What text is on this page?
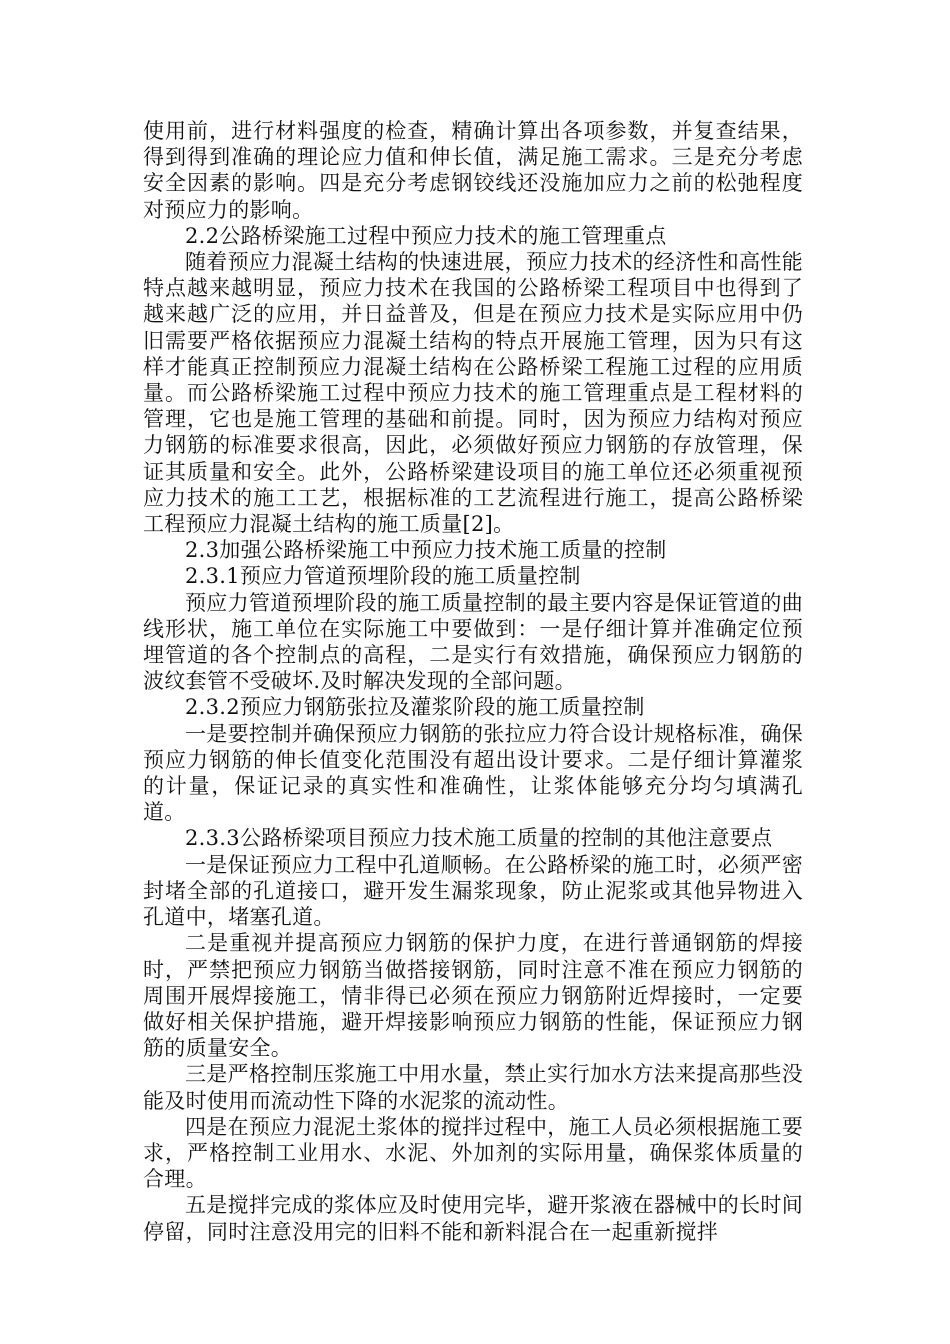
使用前，进行材料强度的检查，精确计算出各项参数，并复查结果，得到得到准确的理论应力值和伸长值，满足施工需求。三是充分考虑安全因素的影响。四是充分考虑钢铰线还没施加应力之前的松弛程度对预应力的影响。

2.2公路桥梁施工过程中预应力技术的施工管理重点

随着预应力混凝土结构的快速进展，预应力技术的经济性和高性能特点越来越明显，预应力技术在我国的公路桥梁工程项目中也得到了越来越广泛的应用，并日益普及，但是在预应力技术是实际应用中仍旧需要严格依据预应力混凝土结构的特点开展施工管理，因为只有这样才能真正控制预应力混凝土结构在公路桥梁工程施工过程的应用质量。而公路桥梁施工过程中预应力技术的施工管理重点是工程材料的管理，它也是施工管理的基础和前提。同时，因为预应力结构对预应力钢筋的标准要求很高，因此，必须做好预应力钢筋的存放管理，保证其质量和安全。此外，公路桥梁建设项目的施工单位还必须重视预应力技术的施工工艺，根据标准的工艺流程进行施工，提高公路桥梁工程预应力混凝土结构的施工质量[2]。

2.3加强公路桥梁施工中预应力技术施工质量的控制

2.3.1预应力管道预埋阶段的施工质量控制

预应力管道预埋阶段的施工质量控制的最主要内容是保证管道的曲线形状，施工单位在实际施工中要做到：一是仔细计算并准确定位预埋管道的各个控制点的高程，二是实行有效措施，确保预应力钢筋的波纹套管不受破坏.及时解决发现的全部问题。

2.3.2预应力钢筋张拉及灌浆阶段的施工质量控制

一是要控制并确保预应力钢筋的张拉应力符合设计规格标准，确保预应力钢筋的伸长值变化范围没有超出设计要求。二是仔细计算灌浆的计量，保证记录的真实性和准确性，让浆体能够充分均匀填满孔道。

2.3.3公路桥梁项目预应力技术施工质量的控制的其他注意要点

一是保证预应力工程中孔道顺畅。在公路桥梁的施工时，必须严密封堵全部的孔道接口，避开发生漏浆现象，防止泥浆或其他异物进入孔道中，堵塞孔道。

二是重视并提高预应力钢筋的保护力度，在进行普通钢筋的焊接时，严禁把预应力钢筋当做搭接钢筋，同时注意不准在预应力钢筋的周围开展焊接施工，情非得已必须在预应力钢筋附近焊接时，一定要做好相关保护措施，避开焊接影响预应力钢筋的性能，保证预应力钢筋的质量安全。

三是严格控制压浆施工中用水量，禁止实行加水方法来提高那些没能及时使用而流动性下降的水泥浆的流动性。

四是在预应力混泥土浆体的搅拌过程中，施工人员必须根据施工要求，严格控制工业用水、水泥、外加剂的实际用量，确保浆体质量的合理。

五是搅拌完成的浆体应及时使用完毕，避开浆液在器械中的长时间停留，同时注意没用完的旧料不能和新料混合在一起重新搅拌
